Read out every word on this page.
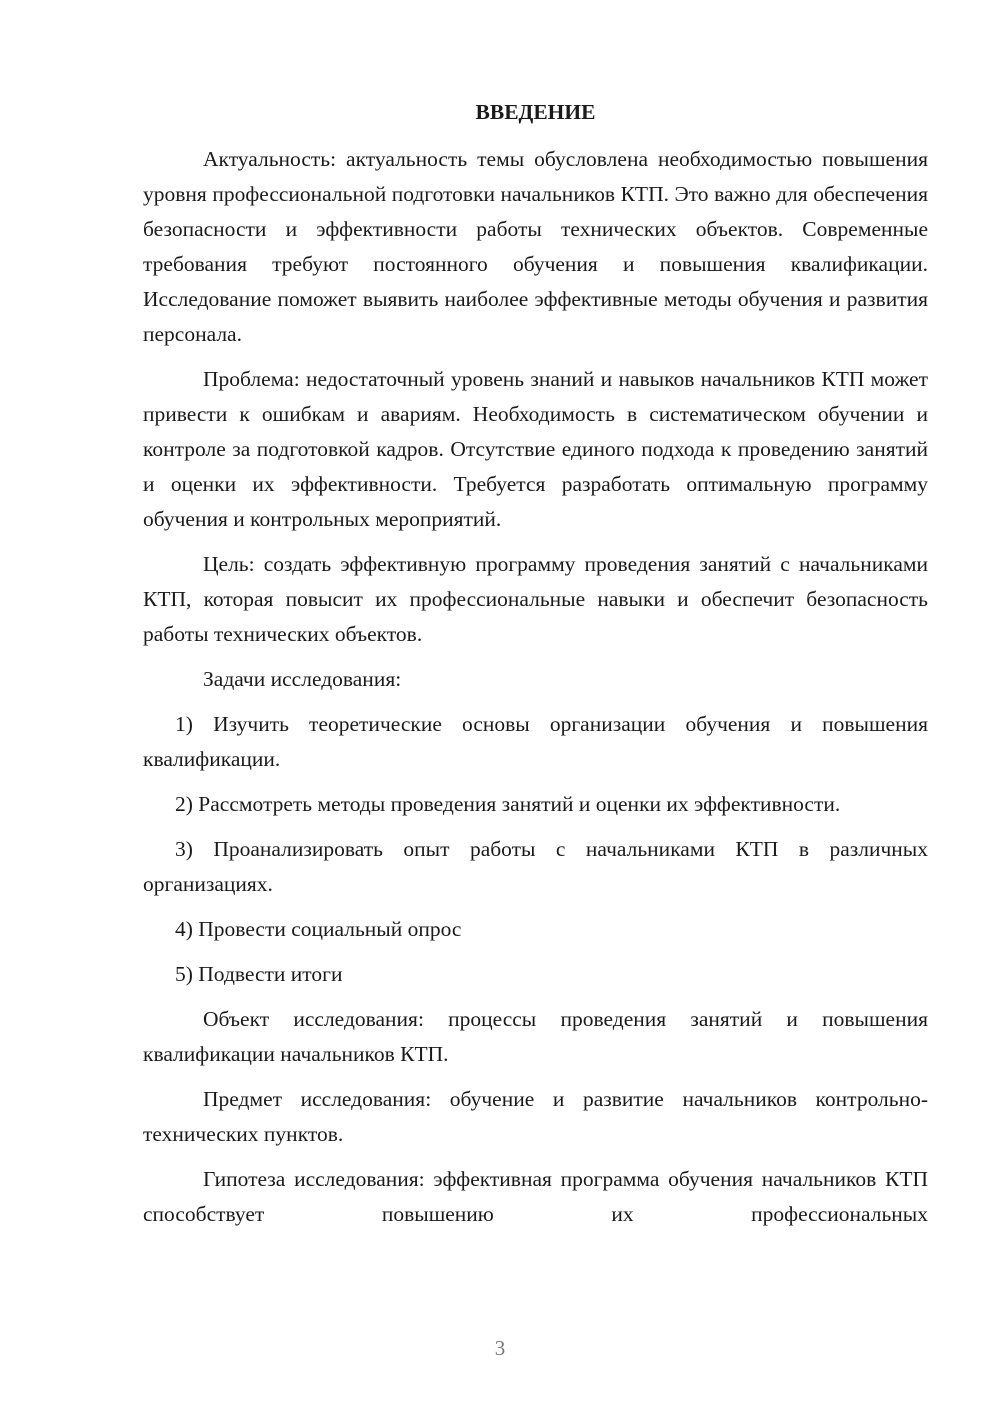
ВВЕДЕНИЕ

Актуальность: актуальность темы обусловлена необходимостью повышения уровня профессиональной подготовки начальников КТП. Это важно для обеспечения безопасности и эффективности работы технических объектов. Современные требования требуют постоянного обучения и повышения квалификации. Исследование поможет выявить наиболее эффективные методы обучения и развития персонала.

Проблема: недостаточный уровень знаний и навыков начальников КТП может привести к ошибкам и авариям. Необходимость в систематическом обучении и контроле за подготовкой кадров. Отсутствие единого подхода к проведению занятий и оценки их эффективности. Требуется разработать оптимальную программу обучения и контрольных мероприятий.

Цель: создать эффективную программу проведения занятий с начальниками КТП, которая повысит их профессиональные навыки и обеспечит безопасность работы технических объектов.

Задачи исследования:

1) Изучить теоретические основы организации обучения и повышения квалификации.

2) Рассмотреть методы проведения занятий и оценки их эффективности.

3) Проанализировать опыт работы с начальниками КТП в различных организациях.

4) Провести социальный опрос

5) Подвести итоги

Объект исследования: процессы проведения занятий и повышения квалификации начальников КТП.

Предмет исследования: обучение и развитие начальников контрольно-технических пунктов.

Гипотеза исследования: эффективная программа обучения начальников КТП способствует повышению их профессиональных

3
